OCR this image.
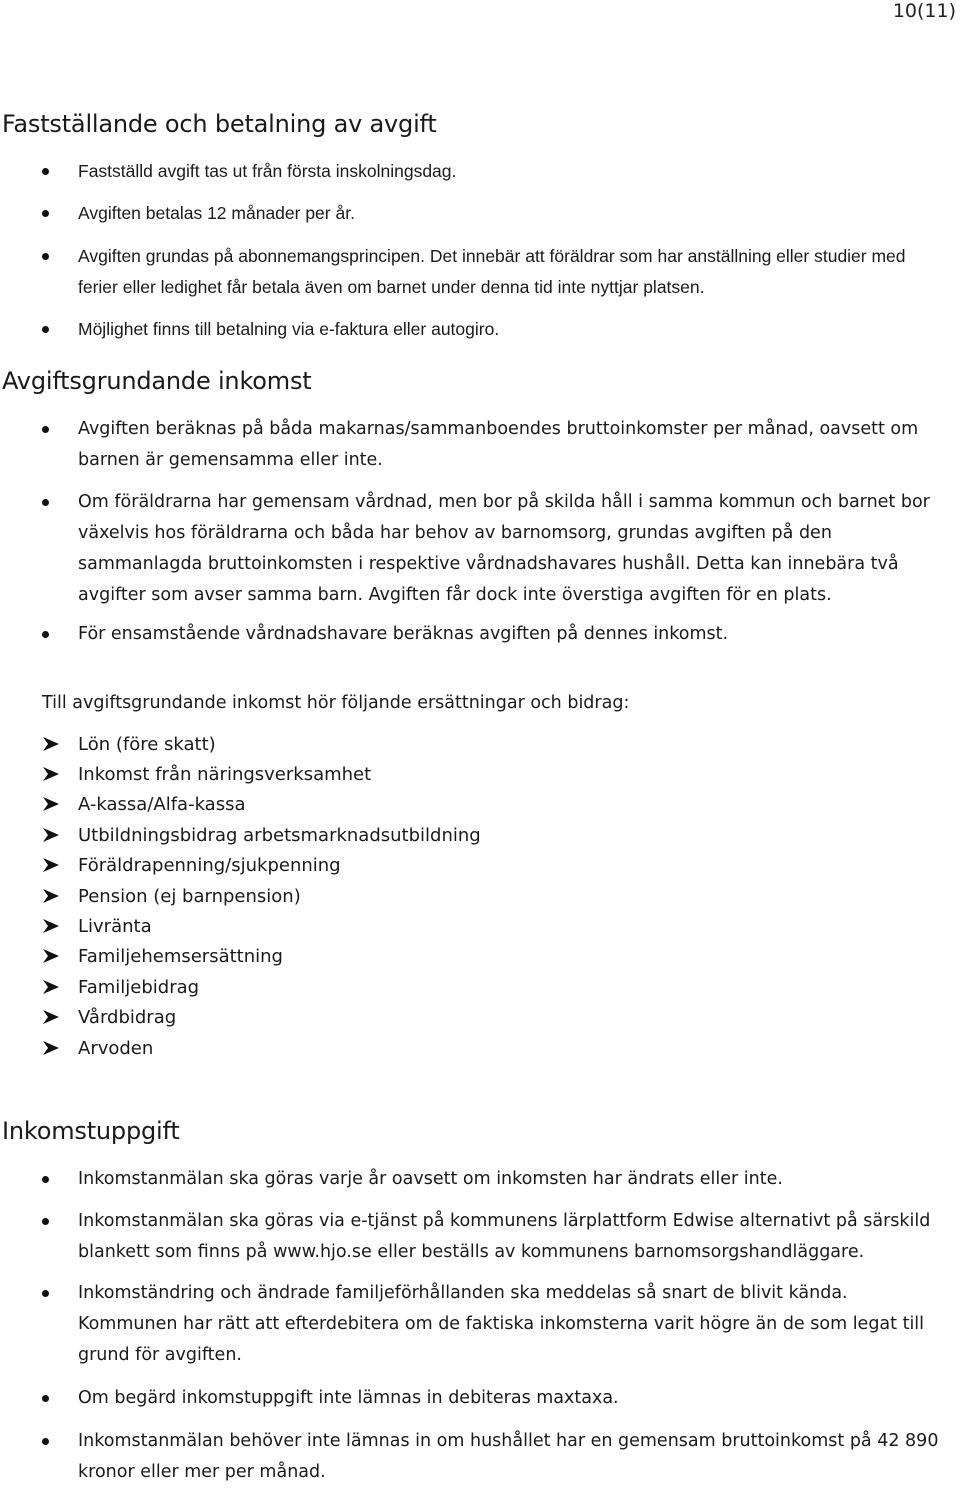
10(11)
Fastställande och betalning av avgift
Fastställd avgift tas ut från första inskolningsdag.
Avgiften betalas 12 månader per år.
Avgiften grundas på abonnemangsprincipen. Det innebär att föräldrar som har anställning eller studier med ferier eller ledighet får betala även om barnet under denna tid inte nyttjar platsen.
Möjlighet finns till betalning via e-faktura eller autogiro.
Avgiftsgrundande inkomst
Avgiften beräknas på båda makarnas/sammanboendes bruttoinkomster per månad, oavsett om barnen är gemensamma eller inte.
Om föräldrarna har gemensam vårdnad, men bor på skilda håll i samma kommun och barnet bor växelvis hos föräldrarna och båda har behov av barnomsorg, grundas avgiften på den sammanlagda bruttoinkomsten i respektive vårdnadshavares hushåll. Detta kan innebära två avgifter som avser samma barn. Avgiften får dock inte överstiga avgiften för en plats.
För ensamstående vårdnadshavare beräknas avgiften på dennes inkomst.
Till avgiftsgrundande inkomst hör följande ersättningar och bidrag:
Lön (före skatt)
Inkomst från näringsverksamhet
A-kassa/Alfa-kassa
Utbildningsbidrag arbetsmarknadsutbildning
Föräldrapenning/sjukpenning
Pension (ej barnpension)
Livränta
Familjehemsersättning
Familjebidrag
Vårdbidrag
Arvoden
Inkomstuppgift
Inkomstanmälan ska göras varje år oavsett om inkomsten har ändrats eller inte.
Inkomstanmälan ska göras via e-tjänst på kommunens lärplattform Edwise alternativt på särskild blankett som finns på www.hjo.se eller beställs av kommunens barnomsorgshandläggare.
Inkomständring och ändrade familjeförhållanden ska meddelas så snart de blivit kända. Kommunen har rätt att efterdebitera om de faktiska inkomsterna varit högre än de som legat till grund för avgiften.
Om begärd inkomstuppgift inte lämnas in debiteras maxtaxa.
Inkomstanmälan behöver inte lämnas in om hushållet har en gemensam bruttoinkomst på 42 890 kronor eller mer per månad.
